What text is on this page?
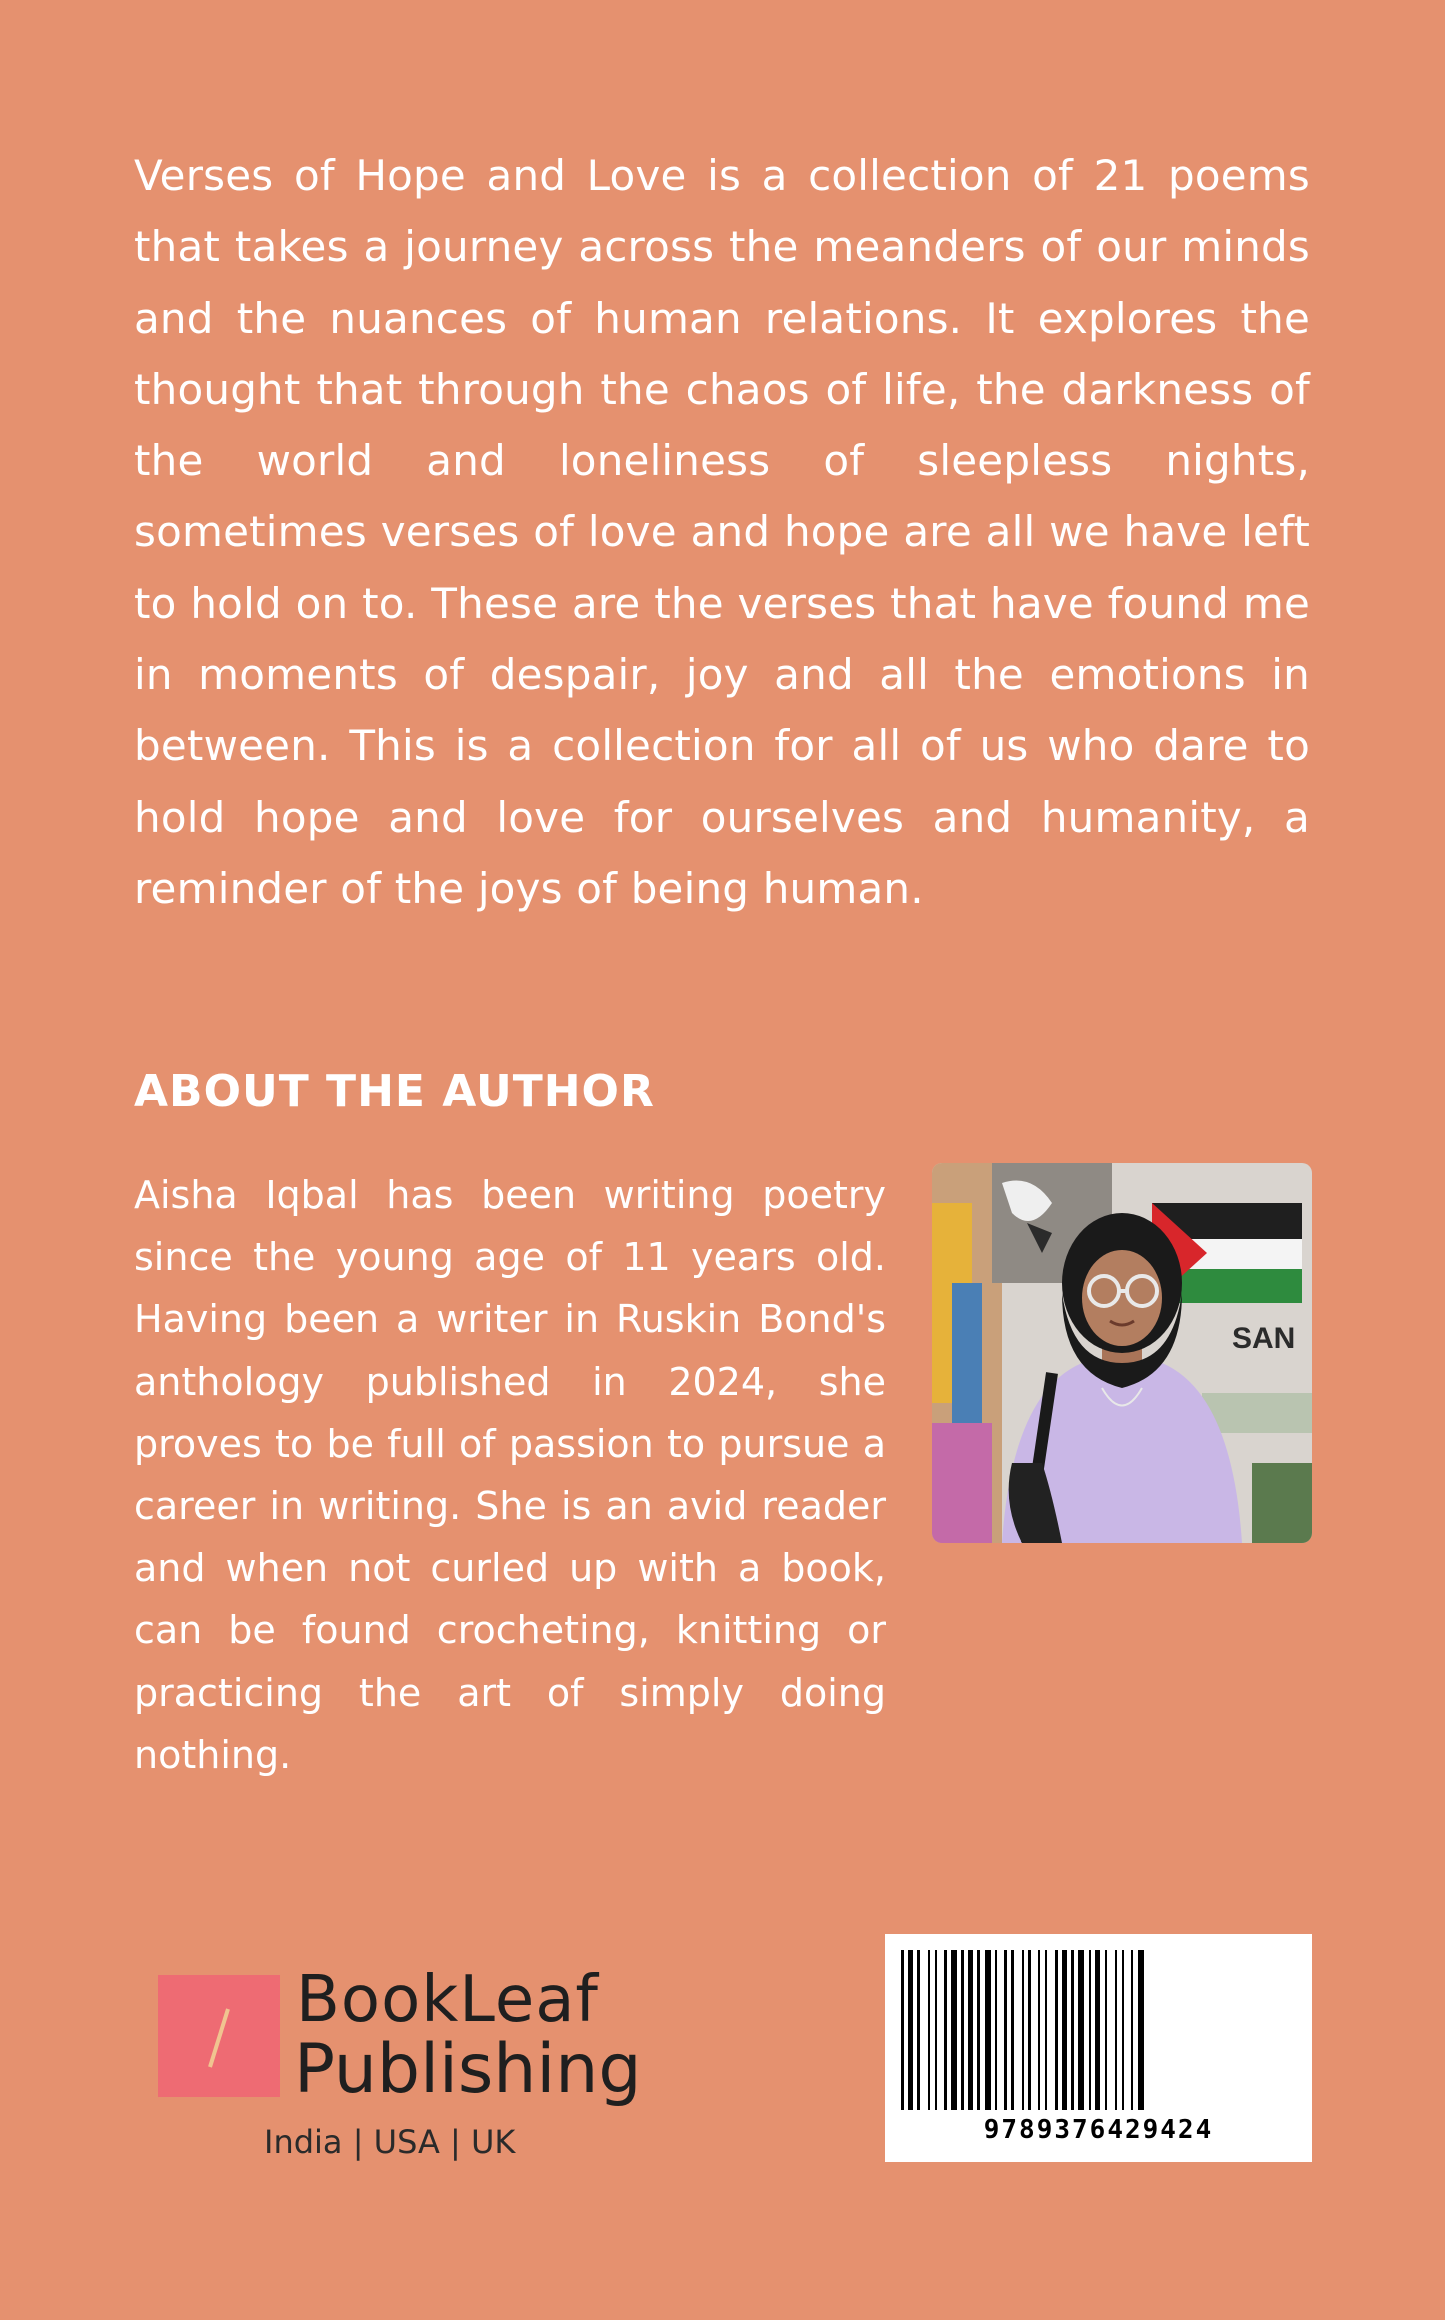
Verses of Hope and Love is a collection of 21 poems that takes a journey across the meanders of our minds and the nuances of human relations. It explores the thought that through the chaos of life, the darkness of the world and loneliness of sleepless nights, sometimes verses of love and hope are all we have left to hold on to. These are the verses that have found me in moments of despair, joy and all the emotions in between. This is a collection for all of us who dare to hold hope and love for ourselves and humanity, a reminder of the joys of being human.

ABOUT THE AUTHOR

Aisha Iqbal has been writing poetry since the young age of 11 years old. Having been a writer in Ruskin Bond's anthology published in 2024, she proves to be full of passion to pursue a career in writing. She is an avid reader and when not curled up with a book, can be found crocheting, knitting or practicing the art of simply doing nothing.

SAN

BookLeaf

Publishing

India | USA | UK	9789376429424
